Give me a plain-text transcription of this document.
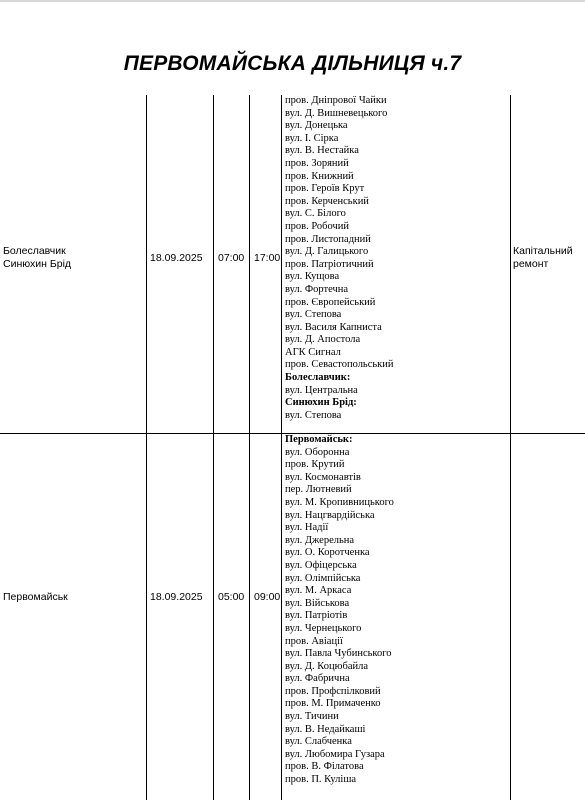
ПЕРВОМАЙСЬКА ДІЛЬНИЦЯ ч.7
Болеславчик
Синюхин Брід	18.09.2025 07:00 17:00
Капітальний
ремонт
пров. Дніпрової Чайки
вул. Д. Вишневецького
вул. Донецька
вул. І. Сірка
вул. В. Нестайка
пров. Зоряний
пров. Книжний
пров. Героїв Крут
пров. Керченський
вул. С. Білого
пров. Робочий
пров. Листопадний
вул. Д. Галицького
пров. Патріотичний
вул. Кущова
вул. Фортечна
пров. Європейський
вул. Степова
вул. Василя Капниста
вул. Д. Апостола
АГК Сигнал
пров. Севастопольський
Болеславчик:
вул. Центральна
Синюхин Брід:
вул. Степова
Первомайськ	18.09.2025 05:00 09:00
Первомайськ:
вул. Оборонна
пров. Крутий
вул. Космонавтів
пер. Лютневий
вул. М. Кропивницького
вул. Нацгвардійська
вул. Надії
вул. Джерельна
вул. О. Коротченка
вул. Офіцерська
вул. Олімпійська
вул. М. Аркаса
вул. Військова
вул. Патріотів
вул. Чернецького
пров. Авіації
вул. Павла Чубинського
вул. Д. Коцюбайла
вул. Фабрична
пров. Профспілковий
пров. М. Примаченко
вул. Тичини
вул. В. Недайкаші
вул. Слабченка
вул. Любомира Гузара
пров. В. Філатова
пров. П. Куліша
